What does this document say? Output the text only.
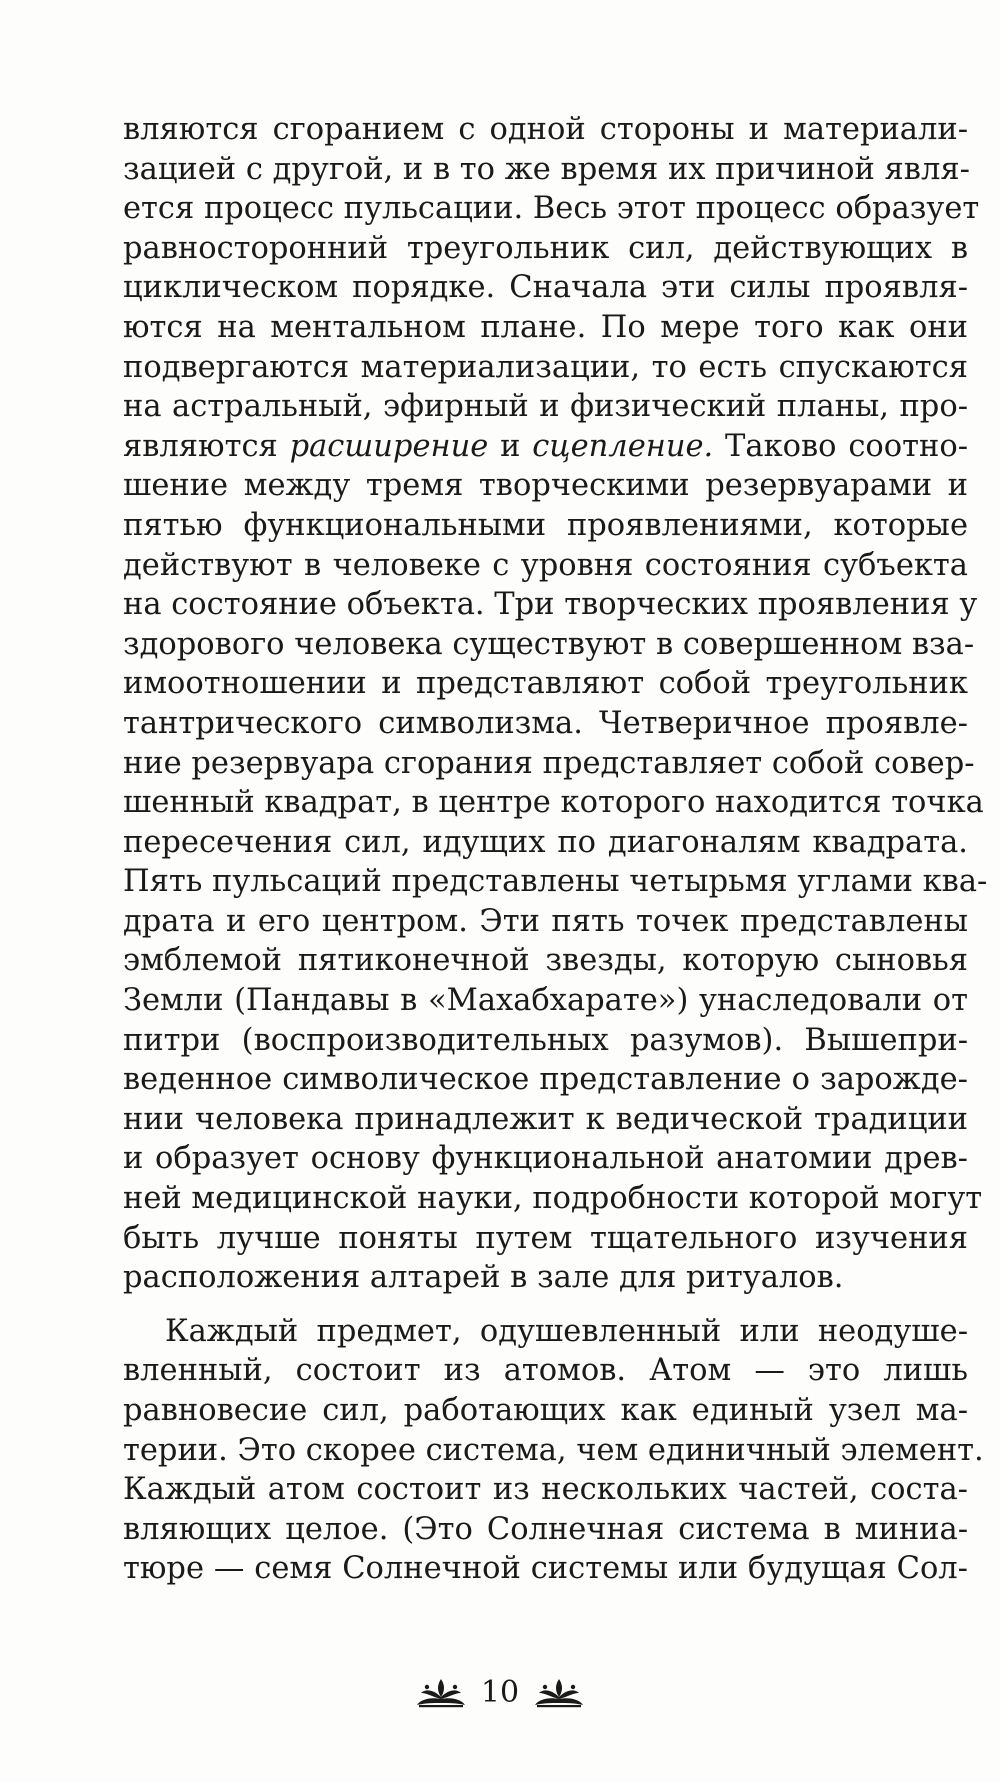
вляются сгоранием с одной стороны и материали-
зацией с другой, и в то же время их причиной явля-
ется процесс пульсации. Весь этот процесс образует
равносторонний треугольник сил, действующих в
циклическом порядке. Сначала эти силы проявля-
ются на ментальном плане. По мере того как они
подвергаются материализации, то есть спускаются
на астральный, эфирный и физический планы, про-
являются расширение и сцепление. Таково соотно-
шение между тремя творческими резервуарами и
пятью функциональными проявлениями, которые
действуют в человеке с уровня состояния субъекта
на состояние объекта. Три творческих проявления у
здорового человека существуют в совершенном вза-
имоотношении и представляют собой треугольник
тантрического символизма. Четверичное проявле-
ние резервуара сгорания представляет собой совер-
шенный квадрат, в центре которого находится точка
пересечения сил, идущих по диагоналям квадрата.
Пять пульсаций представлены четырьмя углами ква-
драта и его центром. Эти пять точек представлены
эмблемой пятиконечной звезды, которую сыновья
Земли (Пандавы в «Махабхарате») унаследовали от
питри (воспроизводительных разумов). Вышепри-
веденное символическое представление о зарожде-
нии человека принадлежит к ведической традиции
и образует основу функциональной анатомии древ-
ней медицинской науки, подробности которой могут
быть лучше поняты путем тщательного изучения
расположения алтарей в зале для ритуалов.
Каждый предмет, одушевленный или неодуше-
вленный, состоит из атомов. Атом — это лишь
равновесие сил, работающих как единый узел ма-
терии. Это скорее система, чем единичный элемент.
Каждый атом состоит из нескольких частей, соста-
вляющих целое. (Это Солнечная система в миниа-
тюре — семя Солнечной системы или будущая Сол-
10
